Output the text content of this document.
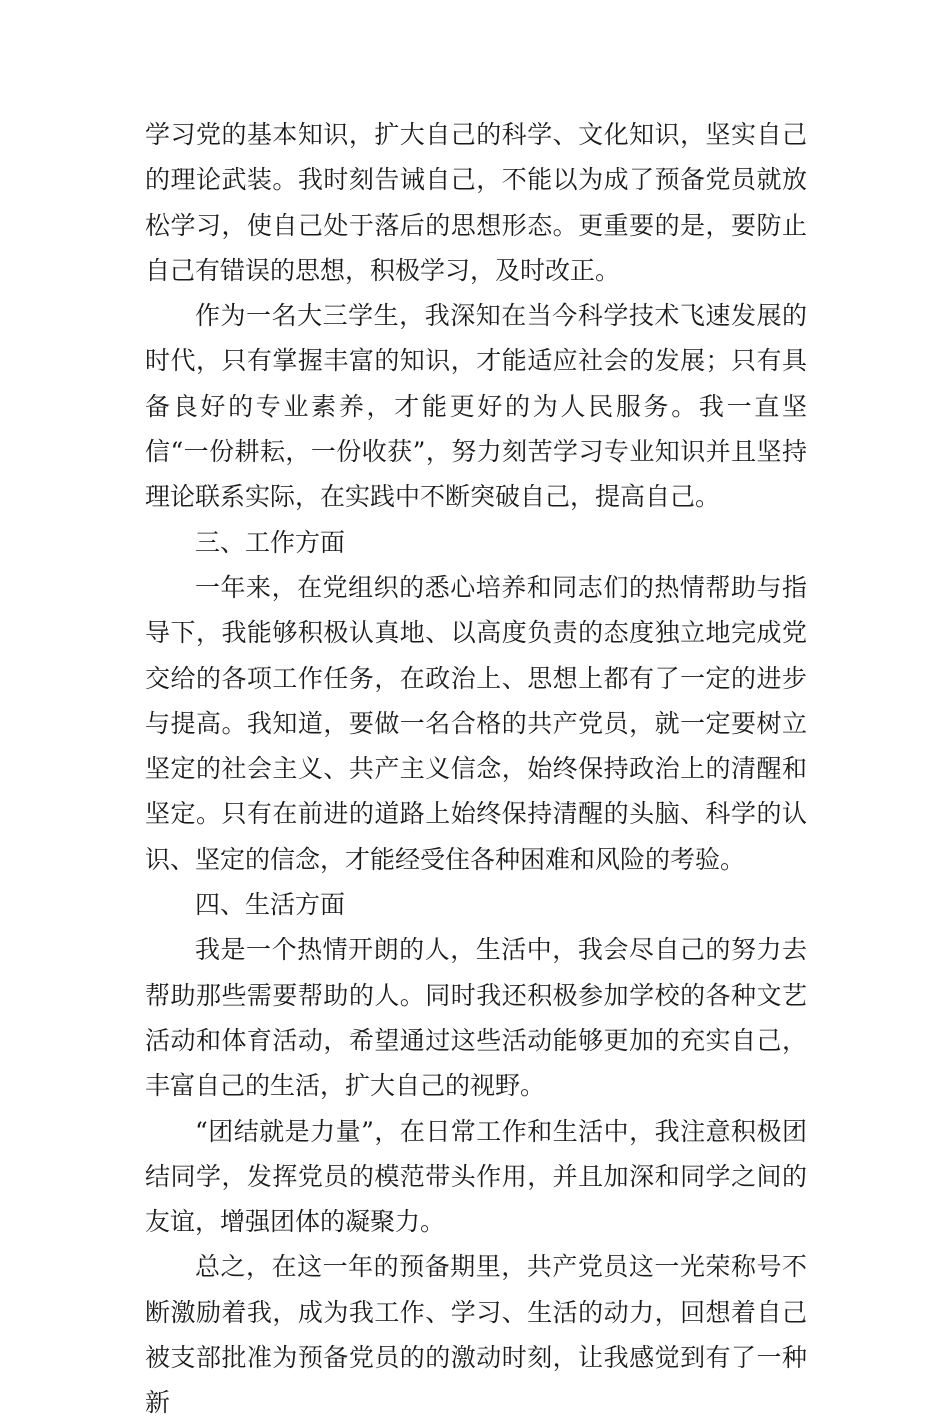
学习党的基本知识，扩大自己的科学、文化知识，坚实自己的理论武装。我时刻告诫自己，不能以为成了预备党员就放松学习，使自己处于落后的思想形态。更重要的是，要防止自己有错误的思想，积极学习，及时改正。

作为一名大三学生，我深知在当今科学技术飞速发展的时代，只有掌握丰富的知识，才能适应社会的发展；只有具备良好的专业素养，才能更好的为人民服务。我一直坚信“一份耕耘，一份收获”，努力刻苦学习专业知识并且坚持理论联系实际，在实践中不断突破自己，提高自己。

三、工作方面

一年来，在党组织的悉心培养和同志们的热情帮助与指导下，我能够积极认真地、以高度负责的态度独立地完成党交给的各项工作任务，在政治上、思想上都有了一定的进步与提高。我知道，要做一名合格的共产党员，就一定要树立坚定的社会主义、共产主义信念，始终保持政治上的清醒和坚定。只有在前进的道路上始终保持清醒的头脑、科学的认识、坚定的信念，才能经受住各种困难和风险的考验。

四、生活方面

我是一个热情开朗的人，生活中，我会尽自己的努力去帮助那些需要帮助的人。同时我还积极参加学校的各种文艺活动和体育活动，希望通过这些活动能够更加的充实自己，丰富自己的生活，扩大自己的视野。

“团结就是力量”，在日常工作和生活中，我注意积极团结同学，发挥党员的模范带头作用，并且加深和同学之间的友谊，增强团体的凝聚力。

总之，在这一年的预备期里，共产党员这一光荣称号不断激励着我，成为我工作、学习、生活的动力，回想着自己被支部批准为预备党员的的激动时刻，让我感觉到有了一种新
